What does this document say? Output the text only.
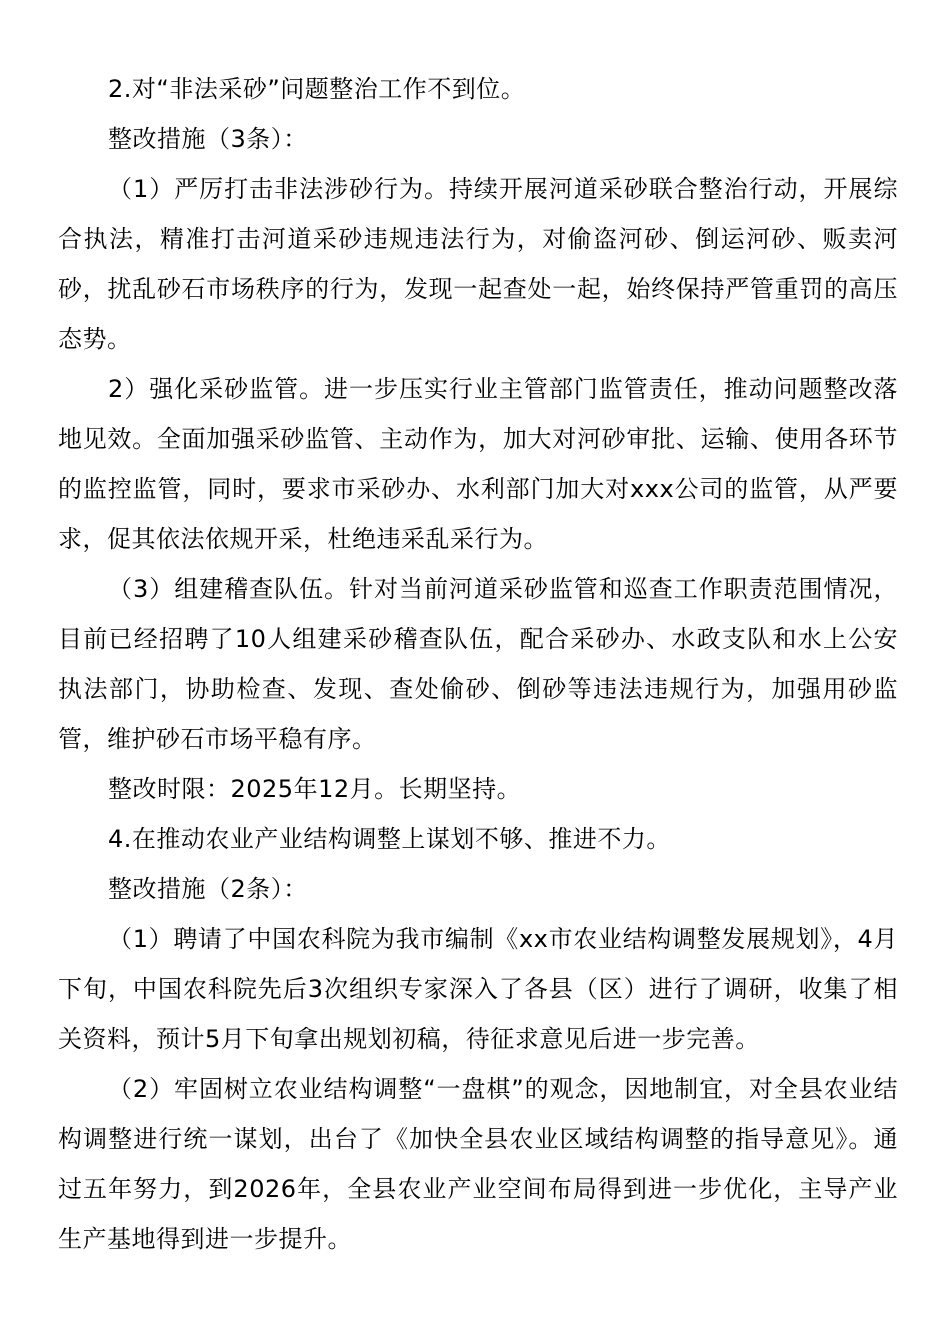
2.对“非法采砂”问题整治工作不到位。

整改措施（3条）：

（1）严厉打击非法涉砂行为。持续开展河道采砂联合整治行动，开展综合执法，精准打击河道采砂违规违法行为，对偷盗河砂、倒运河砂、贩卖河砂，扰乱砂石市场秩序的行为，发现一起查处一起，始终保持严管重罚的高压态势。

2）强化采砂监管。进一步压实行业主管部门监管责任，推动问题整改落地见效。全面加强采砂监管、主动作为，加大对河砂审批、运输、使用各环节的监控监管，同时，要求市采砂办、水利部门加大对xxx公司的监管，从严要求，促其依法依规开采，杜绝违采乱采行为。

（3）组建稽查队伍。针对当前河道采砂监管和巡查工作职责范围情况，目前已经招聘了10人组建采砂稽查队伍，配合采砂办、水政支队和水上公安执法部门，协助检查、发现、查处偷砂、倒砂等违法违规行为，加强用砂监管，维护砂石市场平稳有序。

整改时限：2025年12月。长期坚持。

4.在推动农业产业结构调整上谋划不够、推进不力。

整改措施（2条）：

（1）聘请了中国农科院为我市编制《xx市农业结构调整发展规划》，4月下旬，中国农科院先后3次组织专家深入了各县（区）进行了调研，收集了相关资料，预计5月下旬拿出规划初稿，待征求意见后进一步完善。

（2）牢固树立农业结构调整“一盘棋”的观念，因地制宜，对全县农业结构调整进行统一谋划，出台了《加快全县农业区域结构调整的指导意见》。通过五年努力，到2026年，全县农业产业空间布局得到进一步优化，主导产业生产基地得到进一步提升。
